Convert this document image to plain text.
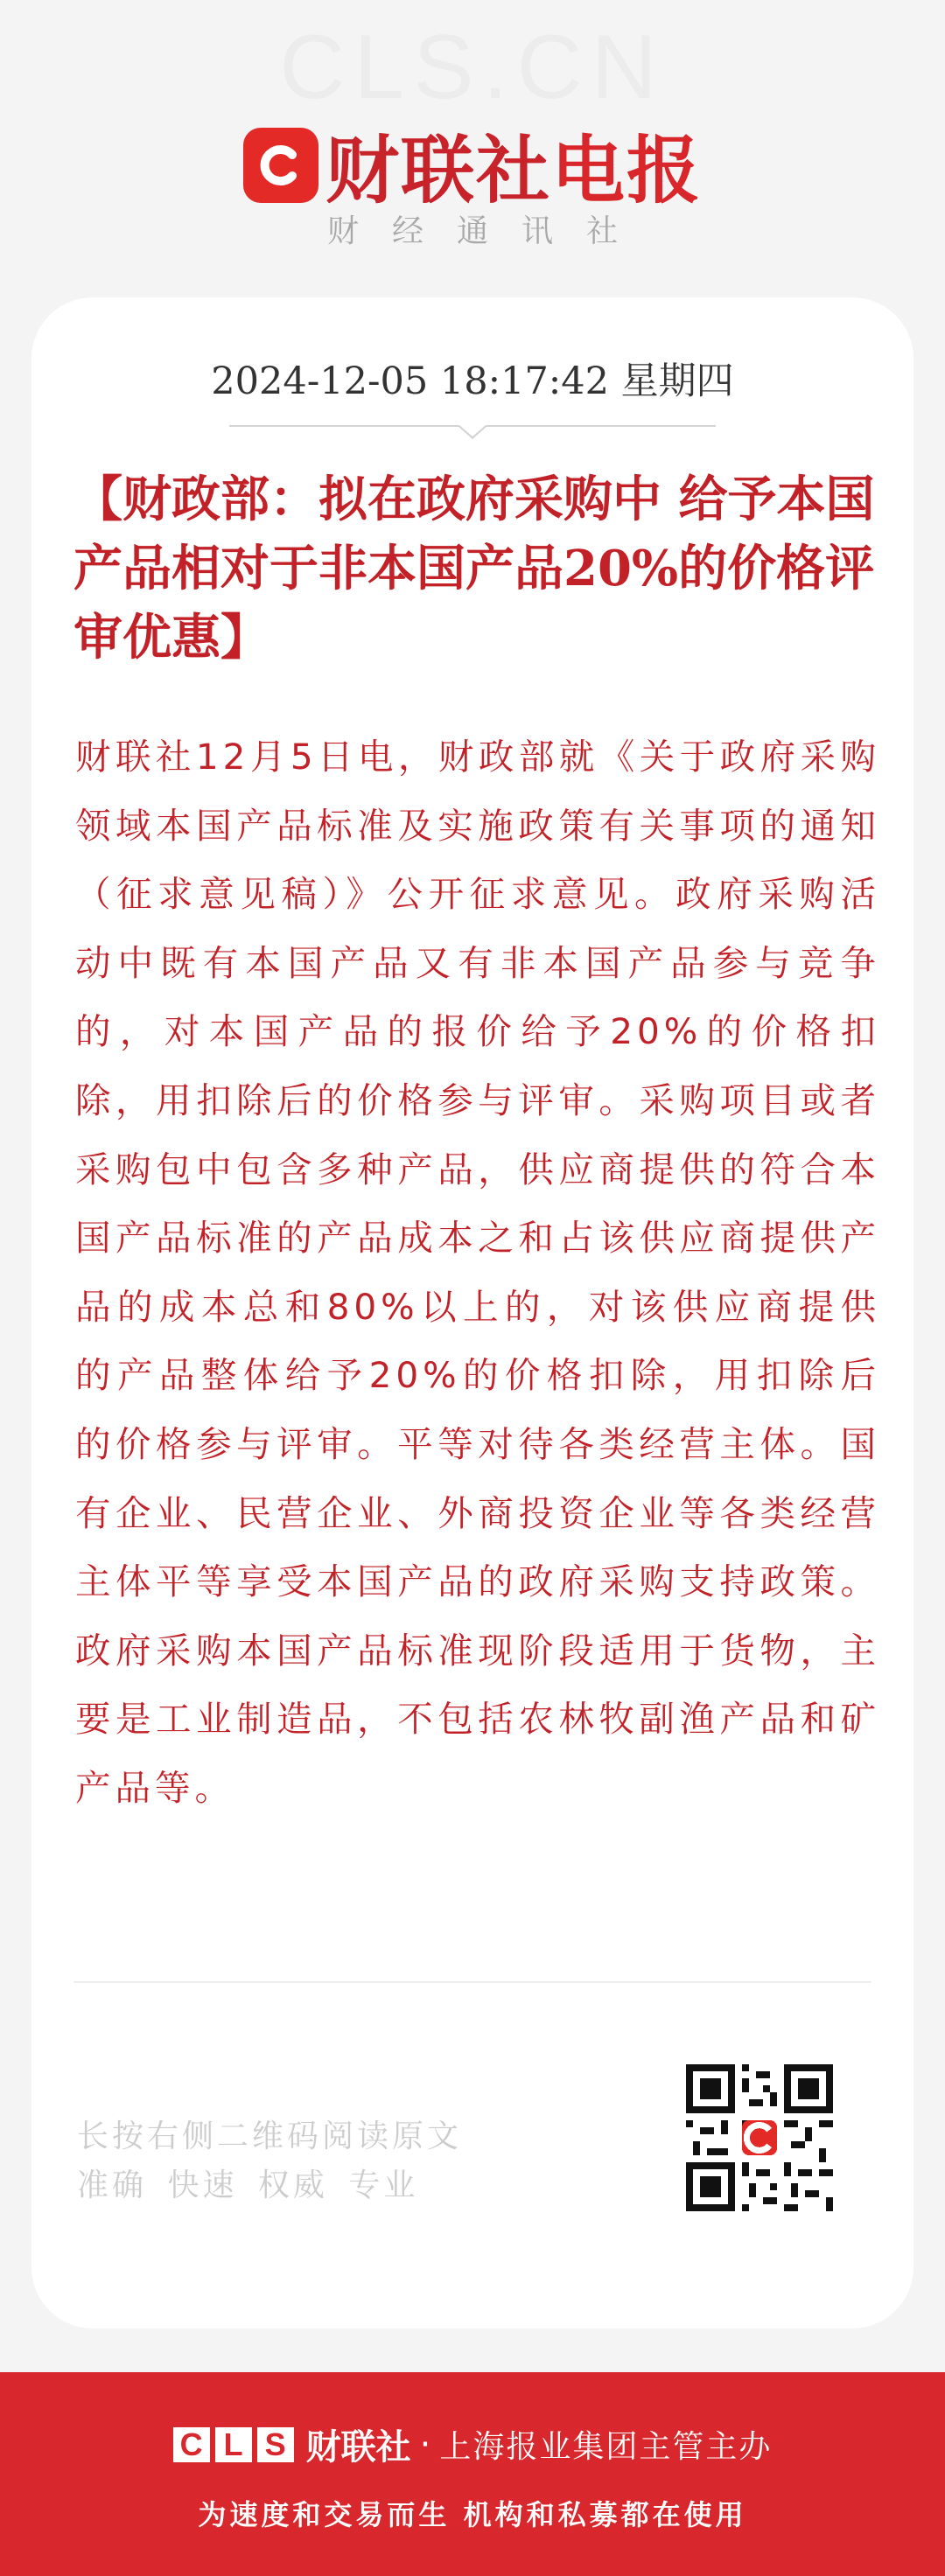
CLS.CN
财联社电报
财经通讯社
2024-12-05 18:17:42 星期四
【财政部：拟在政府采购中 给予本国产品相对于非本国产品20%的价格评审优惠】

财联社12月5日电，财政部就《关于政府采购领域本国产品标准及实施政策有关事项的通知（征求意见稿）》公开征求意见。政府采购活动中既有本国产品又有非本国产品参与竞争的，对本国产品的报价给予20%的价格扣除，用扣除后的价格参与评审。采购项目或者采购包中包含多种产品，供应商提供的符合本国产品标准的产品成本之和占该供应商提供产品的成本总和80%以上的，对该供应商提供的产品整体给予20%的价格扣除，用扣除后的价格参与评审。平等对待各类经营主体。国有企业、民营企业、外商投资企业等各类经营主体平等享受本国产品的政府采购支持政策。政府采购本国产品标准现阶段适用于货物，主要是工业制造品，不包括农林牧副渔产品和矿产品等。

长按右侧二维码阅读原文
准确 快速 权威 专业
C L S 财联社 · 上海报业集团主管主办
为速度和交易而生 机构和私募都在使用
